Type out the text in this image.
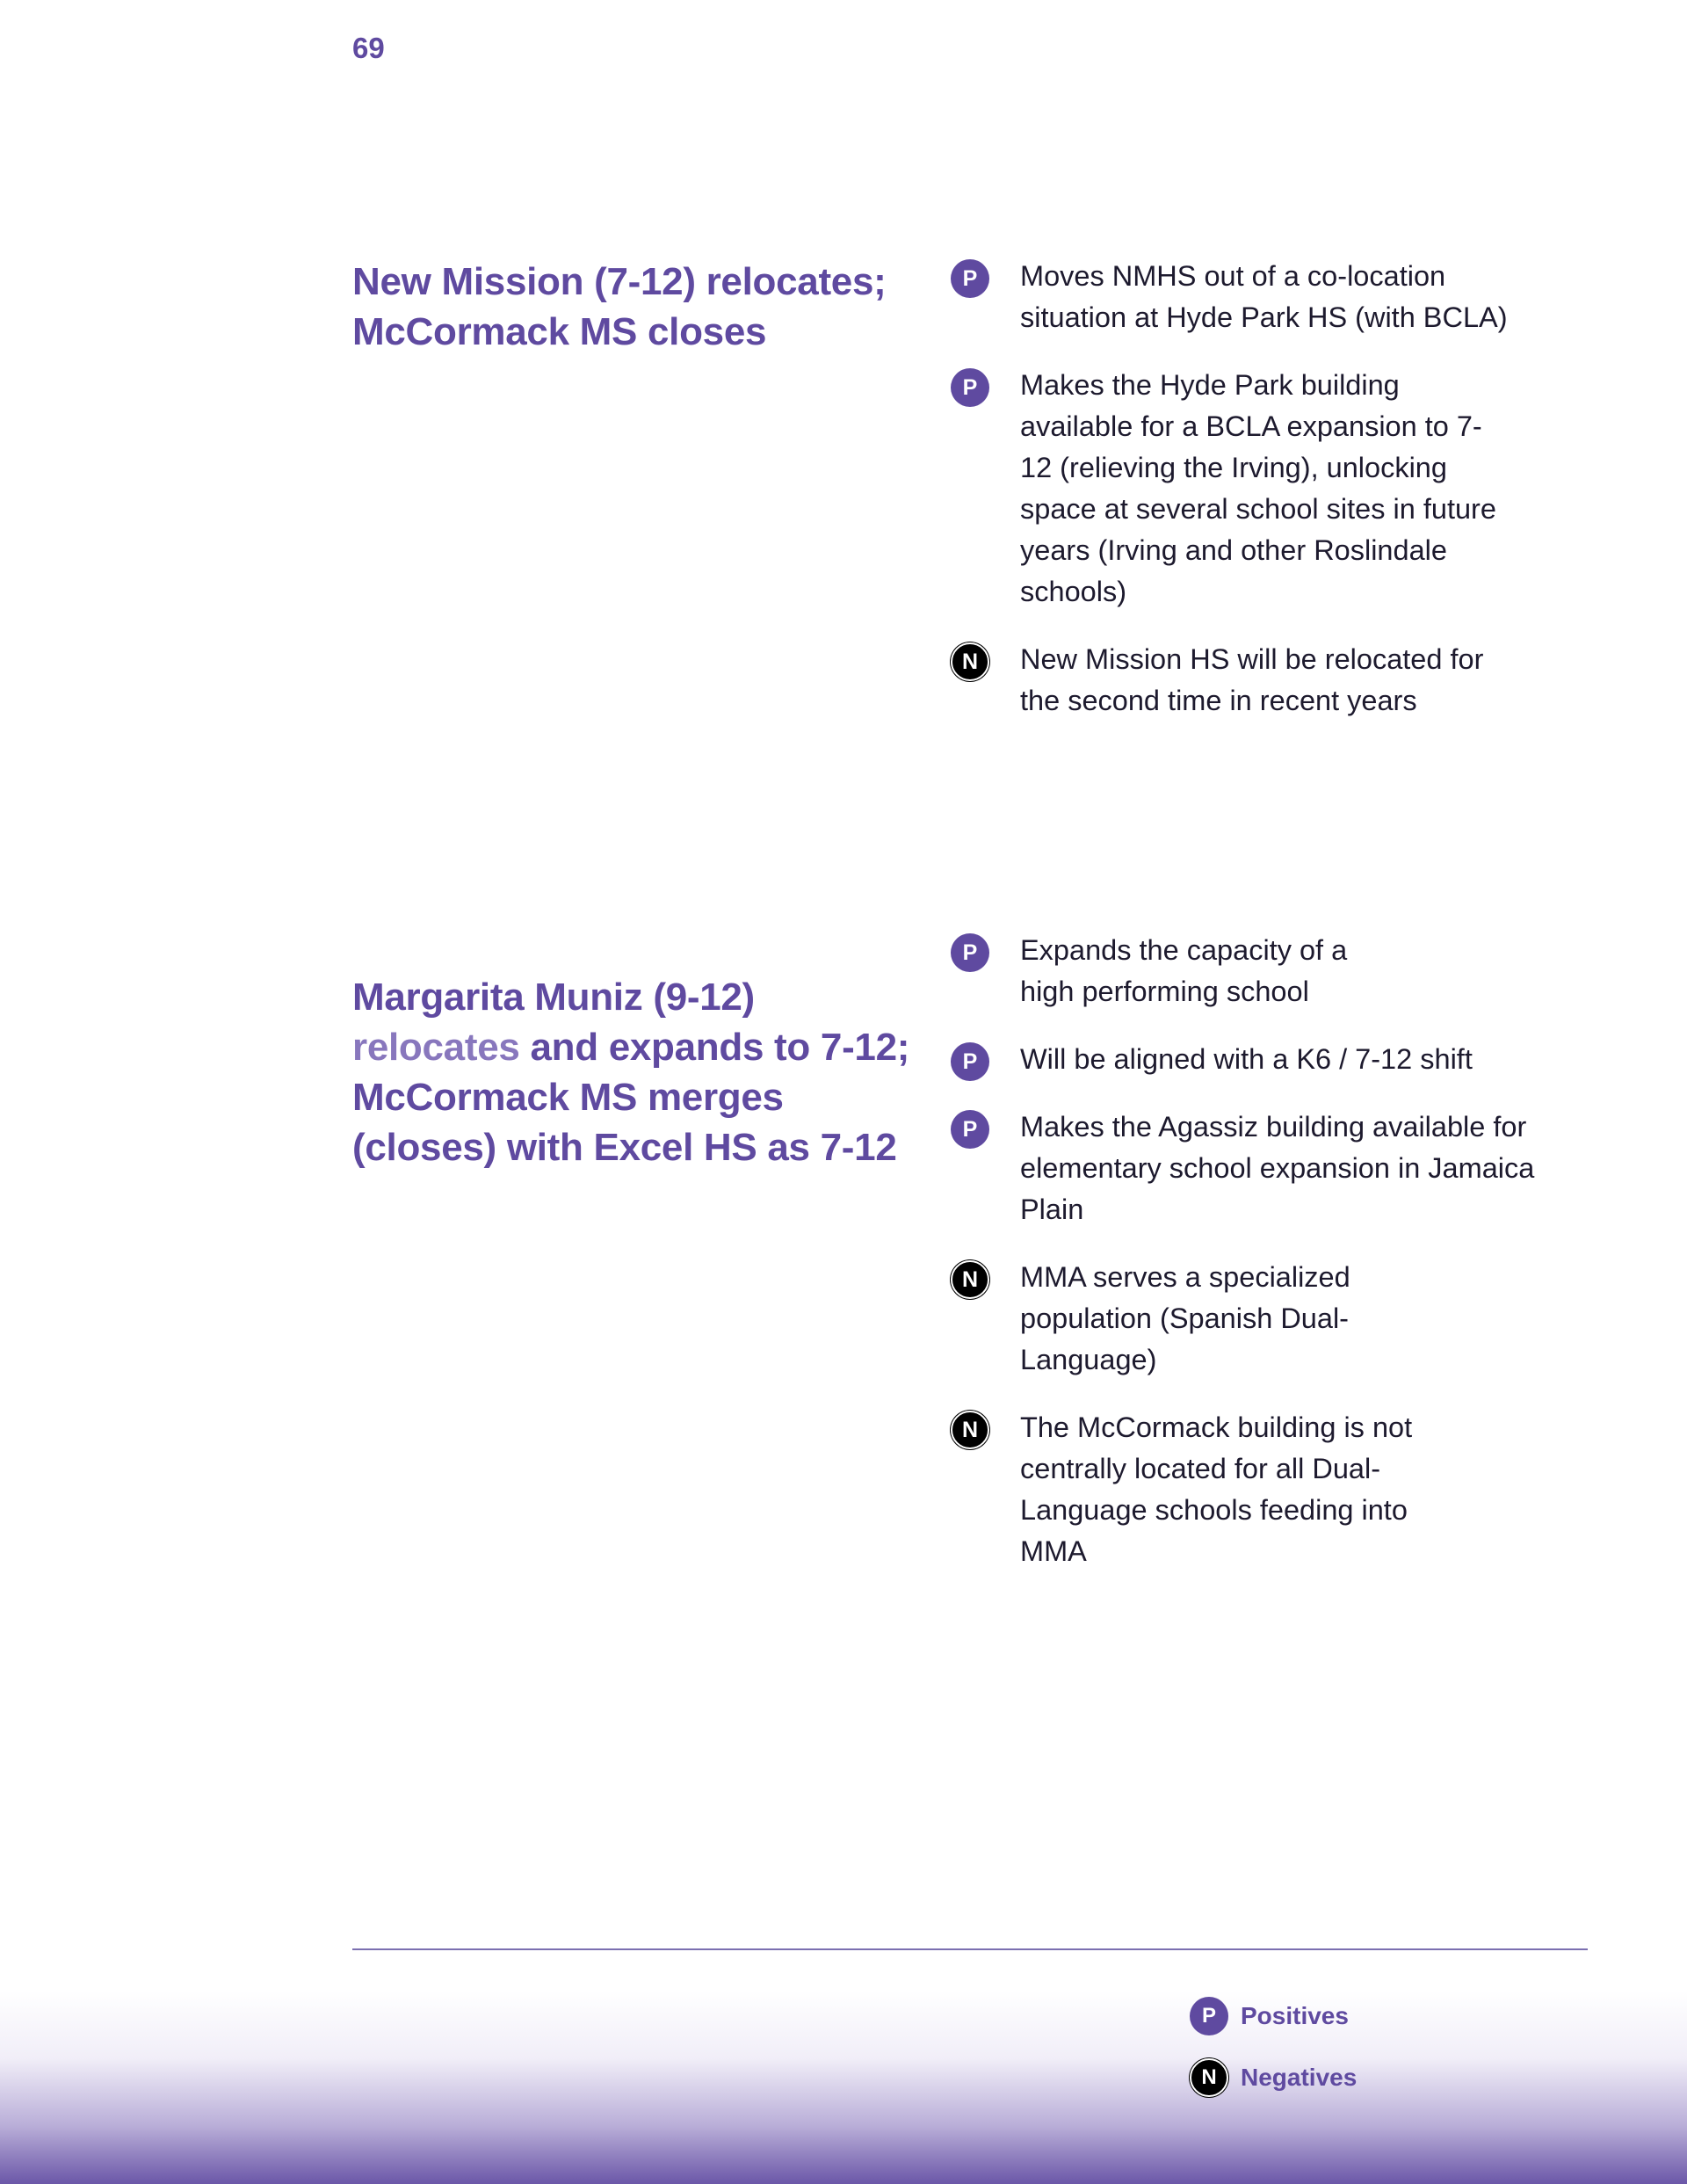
69
New Mission (7-12) relocates; McCormack MS closes
P	Moves NMHS out of a co-location situation at Hyde Park HS (with BCLA)
P	Makes the Hyde Park building available for a BCLA expansion to 7-12 (relieving the Irving), unlocking space at several school sites in future years (Irving and other Roslindale schools)
N	New Mission HS will be relocated for the second time in recent years
Margarita Muniz (9-12) relocates and expands to 7-12; McCormack MS merges (closes) with Excel HS as 7-12
P	Expands the capacity of a high performing school
P	Will be aligned with a K6 / 7-12 shift
P	Makes the Agassiz building available for elementary school expansion in Jamaica Plain
N	MMA serves a specialized population (Spanish Dual-Language)
N	The McCormack building is not centrally located for all Dual-Language schools feeding into MMA
P	Positives
N Negatives
